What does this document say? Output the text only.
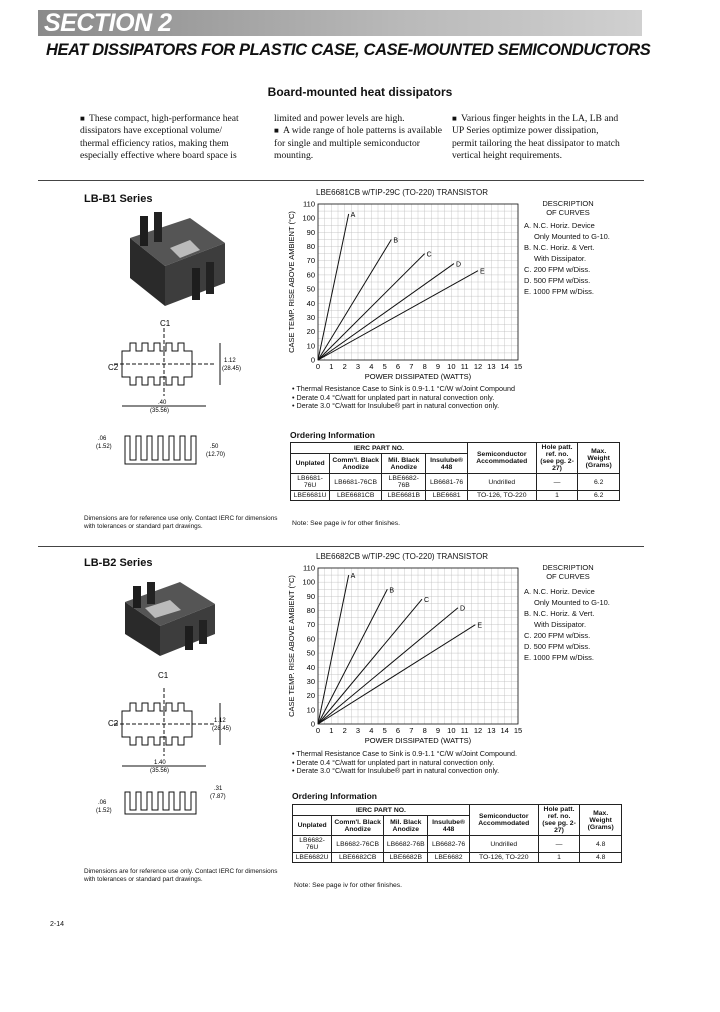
SECTION 2
HEAT DISSIPATORS FOR PLASTIC CASE, CASE-MOUNTED SEMICONDUCTORS
Board-mounted heat dissipators
■ These compact, high-performance heat dissipators have exceptional volume/ thermal efficiency ratios, making them especially effective where board space is
limited and power levels are high.
■ A wide range of hole patterns is available for single and multiple semiconductor mounting.
■ Various finger heights in the LA, LB and UP Series optimize power dissipation, permit tailoring the heat dissipator to match vertical height requirements.
LB-B1 Series
C1
C2
1.12
(28.45)
.40
(35.56)
.06
(1.52)	.50
(12.70)
Dimensions are for reference use only. Contact IERC for dimensions with tolerances or standard part drawings.
LBE6681CB w/TIP-29C (TO-220) TRANSISTOR
0
10
20
30
40
50
60
70
80
90
100
110
0 1 2 3 4 5 6 7 8 9 10 11 12 13 14 15
CASE TEMP. RISE ABOVE AMBIENT (°C)
POWER DISSIPATED (WATTS)
A
B
C
D
E
DESCRIPTION
OF CURVES
A. N.C. Horiz. Device
Only Mounted to G-10.
B. N.C. Horiz. & Vert.
With Dissipator.
C. 200 FPM w/Diss.
D. 500 FPM w/Diss.
E. 1000 FPM w/Diss.
• Thermal Resistance Case to Sink is 0.9-1.1 °C/W w/Joint Compound
• Derate 0.4 °C/watt for unplated part in natural convection only.
• Derate 3.0 °C/watt for Insulube® part in natural convection only.
Ordering Information
IERC PART NO.				Semiconductor Accommodated	Hole patt. ref. no. (see pg. 2-27)	Max. Weight (Grams)
Unplated	Comm'l. Black Anodize	Mil. Black Anodize	Insulube® 448			
LB6681-76U	LB6681-76CB	LBE6682-76B	LB6681-76	Undrilled	—	6.2
LBE6681U	LBE6681CB	LBE6681B	LBE6681	TO-126, TO-220	1	6.2
Note: See page iv for other finishes.
LB-B2 Series
C1
C2	1.12
(28.45)
1.40
(35.56)
.06
(1.52)
.31
(7.87)
Dimensions are for reference use only. Contact IERC for dimensions with tolerances or standard part drawings.
LBE6682CB w/TIP-29C (TO-220) TRANSISTOR
0
10
20
30
40
50
60
70
80
90
100
110
0 1 2 3 4 5 6 7 8 9 10 11 12 13 14 15
CASE TEMP. RISE ABOVE AMBIENT (°C)
POWER DISSIPATED (WATTS)
A
B
C
D
E
DESCRIPTION
OF CURVES
A. N.C. Horiz. Device
Only Mounted to G-10.
B. N.C. Horiz. & Vert.
With Dissipator.
C. 200 FPM w/Diss.
D. 500 FPM w/Diss.
E. 1000 FPM w/Diss.
• Thermal Resistance Case to Sink is 0.9-1.1 °C/W w/Joint Compound.
• Derate 0.4 °C/watt for unplated part in natural convection only.
• Derate 3.0 °C/watt for Insulube® part in natural convection only.
Ordering Information
IERC PART NO.				Semiconductor Accommodated	Hole patt. ref. no. (see pg. 2-27)	Max. Weight (Grams)
Unplated	Comm'l. Black Anodize	Mil. Black Anodize	Insulube® 448			
LB6682-76U	LB6682-76CB	LB6682-76B	LB6682-76	Undrilled	—	4.8
LBE6682U	LBE6682CB	LBE6682B	LBE6682	TO-126, TO-220	1	4.8
Note: See page iv for other finishes.
2-14
